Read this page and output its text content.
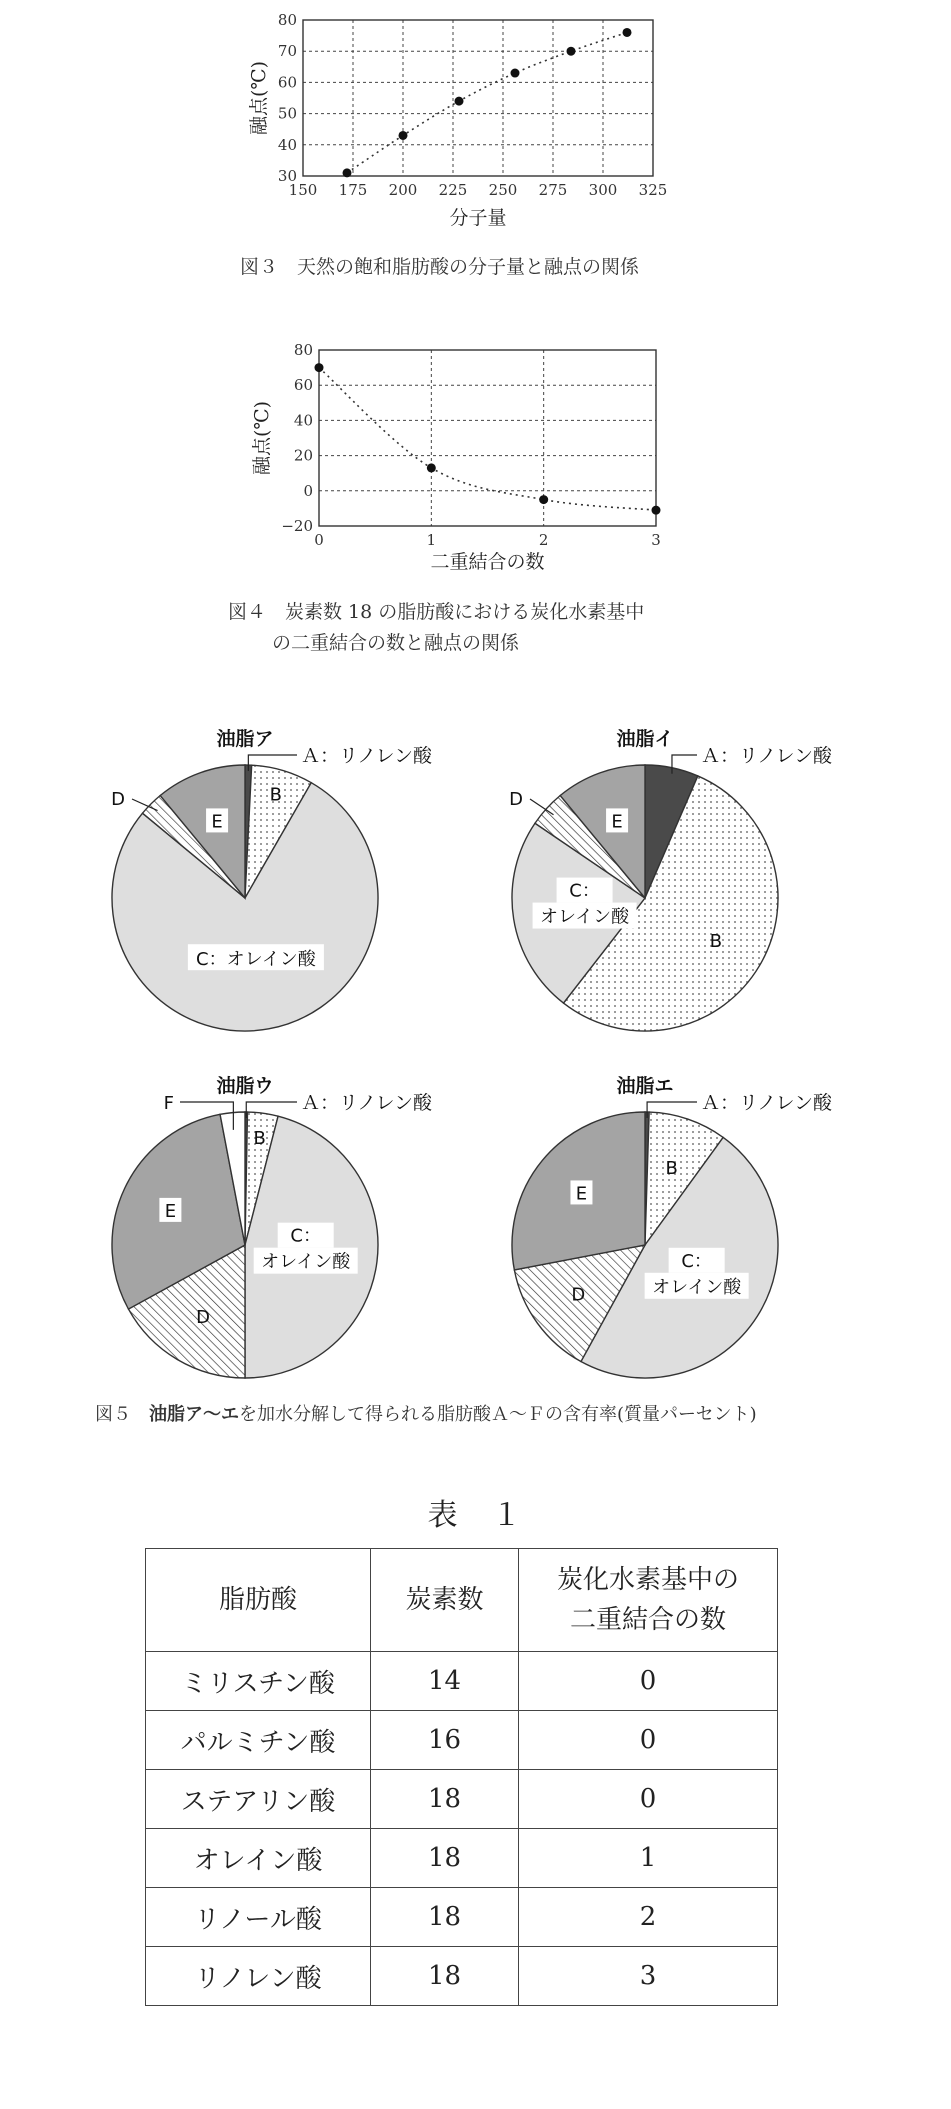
150 175 200 225 250 275 300 325
30
40
50
60
70
80
分子量
融点(℃)
図３　天然の飽和脂肪酸の分子量と融点の関係
0	1	2	3
−20
0
20
40
60
80
二重結合の数
融点(℃)
図４　炭素数 18 の脂肪酸における炭化水素基中
の二重結合の数と融点の関係
油脂ア
Ａ：リノレン酸
B
C：オレイン酸
D
E
油脂イ
Ａ：リノレン酸
B
C：
オレイン酸
D
E
油脂ウ
Ａ：リノレン酸
B
C：
オレイン酸
D
E
F
油脂エ
Ａ：リノレン酸
B
C：
オレイン酸
D
E
図５　油脂ア～エを加水分解して得られる脂肪酸Ａ～Ｆの含有率(質量パーセント)
表　１
脂肪酸	炭素数	炭化水素基中の
二重結合の数
ミリスチン酸	14	0
パルミチン酸	16	0
ステアリン酸	18	0
オレイン酸	18	1
リノール酸	18	2
リノレン酸	18	3
